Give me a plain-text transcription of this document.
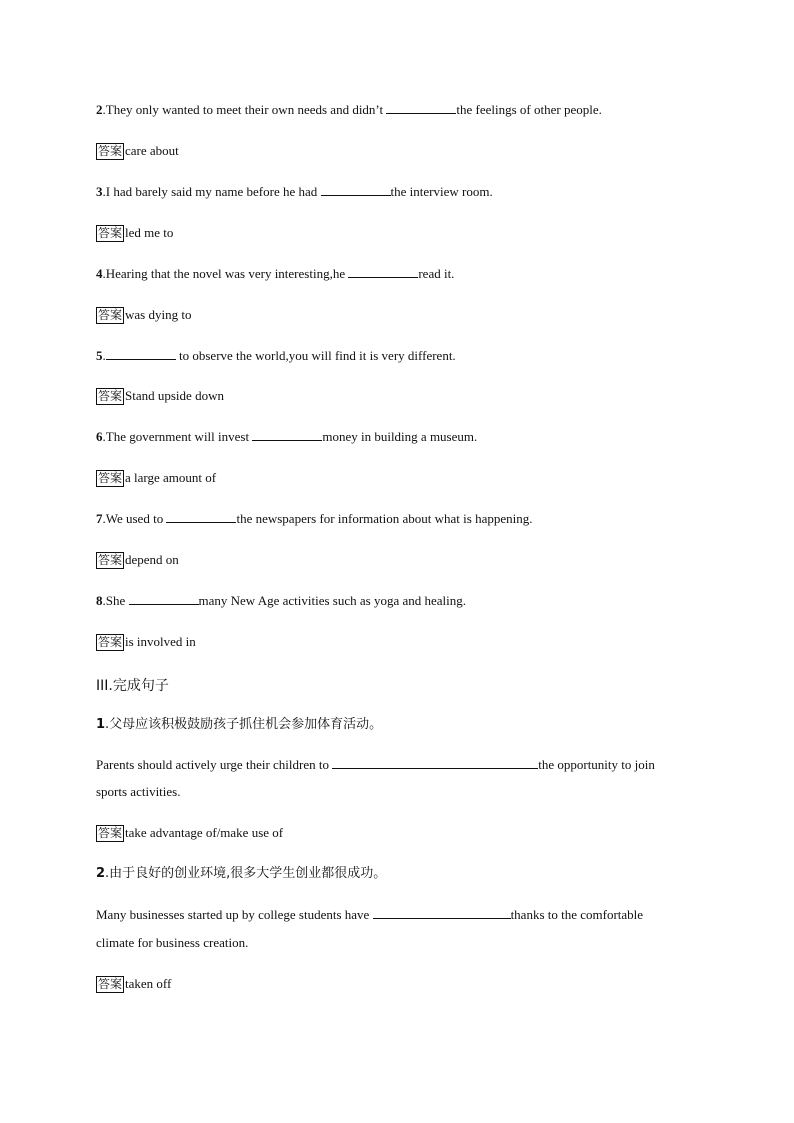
2.They only wanted to meet their own needs and didn’t	the feelings of other people.
答案 care about
3.I had barely said my name before he had	the interview room.
答案 led me to
4.Hearing that the novel was very interesting,he	read it.
答案 was dying to
5.	to observe the world,you will find it is very different.
答案 Stand upside down
6.The government will invest	money in building a museum.
答案 a large amount of
7.We used to	the newspapers for information about what is happening.
答案 depend on
8.She	many New Age activities such as yoga and healing.
答案 is involved in
III.完成句子
1.父母应该积极鼓励孩子抓住机会参加体育活动。
Parents should actively urge their children to	the opportunity to join
sports activities.
答案 take advantage of/make use of
2.由于良好的创业环境,很多大学生创业都很成功。
Many businesses started up by college students have	thanks to the comfortable
climate for business creation.
答案 taken off
